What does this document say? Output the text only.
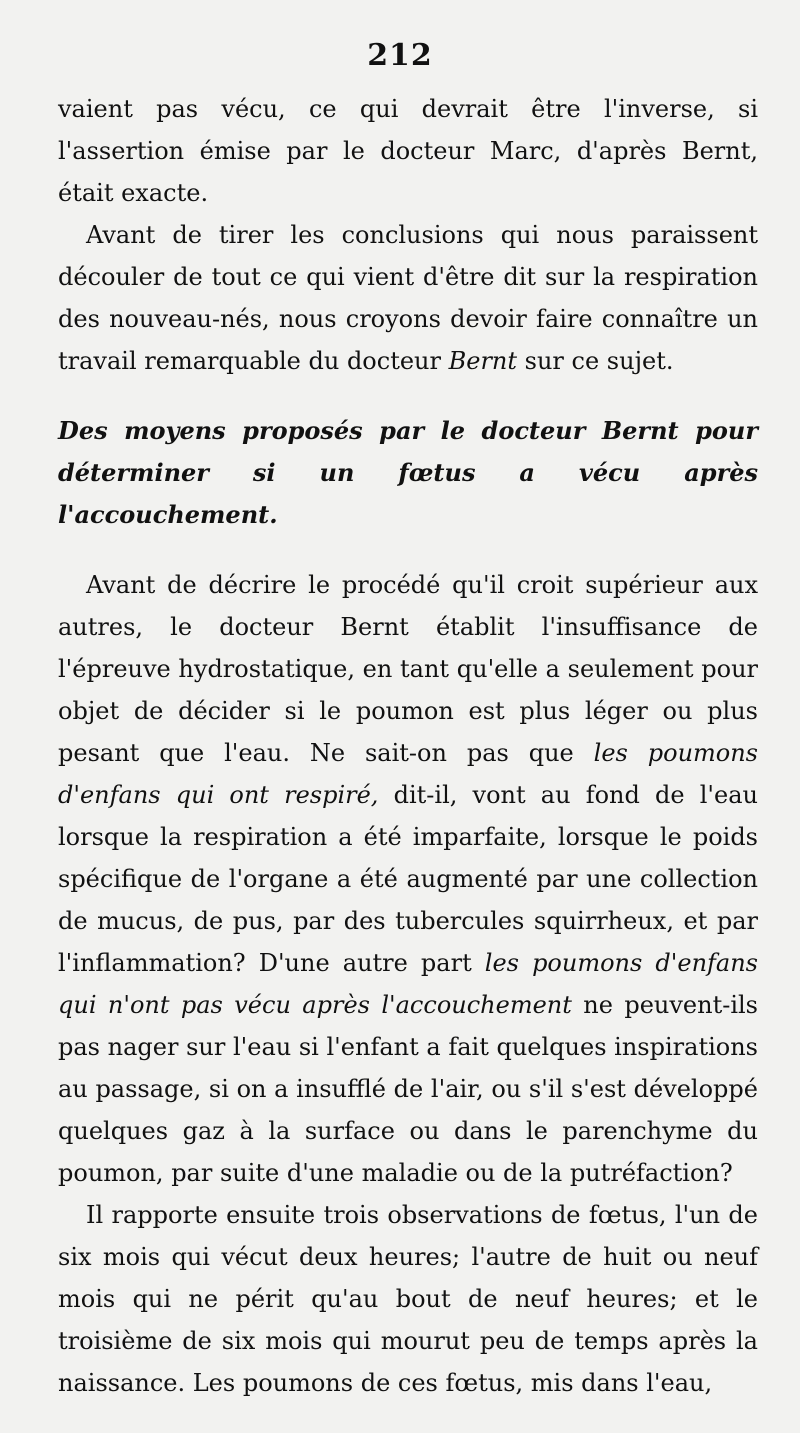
212

vaient pas vécu, ce qui devrait être l'inverse, si l'assertion émise par le docteur Marc, d'après Bernt, était exacte.

Avant de tirer les conclusions qui nous paraissent découler de tout ce qui vient d'être dit sur la respiration des nouveau-nés, nous croyons devoir faire connaître un travail remarquable du docteur Bernt sur ce sujet.

Des moyens proposés par le docteur Bernt pour déterminer si un fœtus a vécu après l'accouchement.

Avant de décrire le procédé qu'il croit supérieur aux autres, le docteur Bernt établit l'insuffisance de l'épreuve hydrostatique, en tant qu'elle a seulement pour objet de décider si le poumon est plus léger ou plus pesant que l'eau. Ne sait-on pas que les poumons d'enfans qui ont respiré, dit-il, vont au fond de l'eau lorsque la respiration a été imparfaite, lorsque le poids spécifique de l'organe a été augmenté par une collection de mucus, de pus, par des tubercules squirrheux, et par l'inflammation? D'une autre part les poumons d'enfans qui n'ont pas vécu après l'accouchement ne peuvent-ils pas nager sur l'eau si l'enfant a fait quelques inspirations au passage, si on a insufflé de l'air, ou s'il s'est développé quelques gaz à la surface ou dans le parenchyme du poumon, par suite d'une maladie ou de la putréfaction?

Il rapporte ensuite trois observations de fœtus, l'un de six mois qui vécut deux heures; l'autre de huit ou neuf mois qui ne périt qu'au bout de neuf heures; et le troisième de six mois qui mourut peu de temps après la naissance. Les poumons de ces fœtus, mis dans l'eau,
